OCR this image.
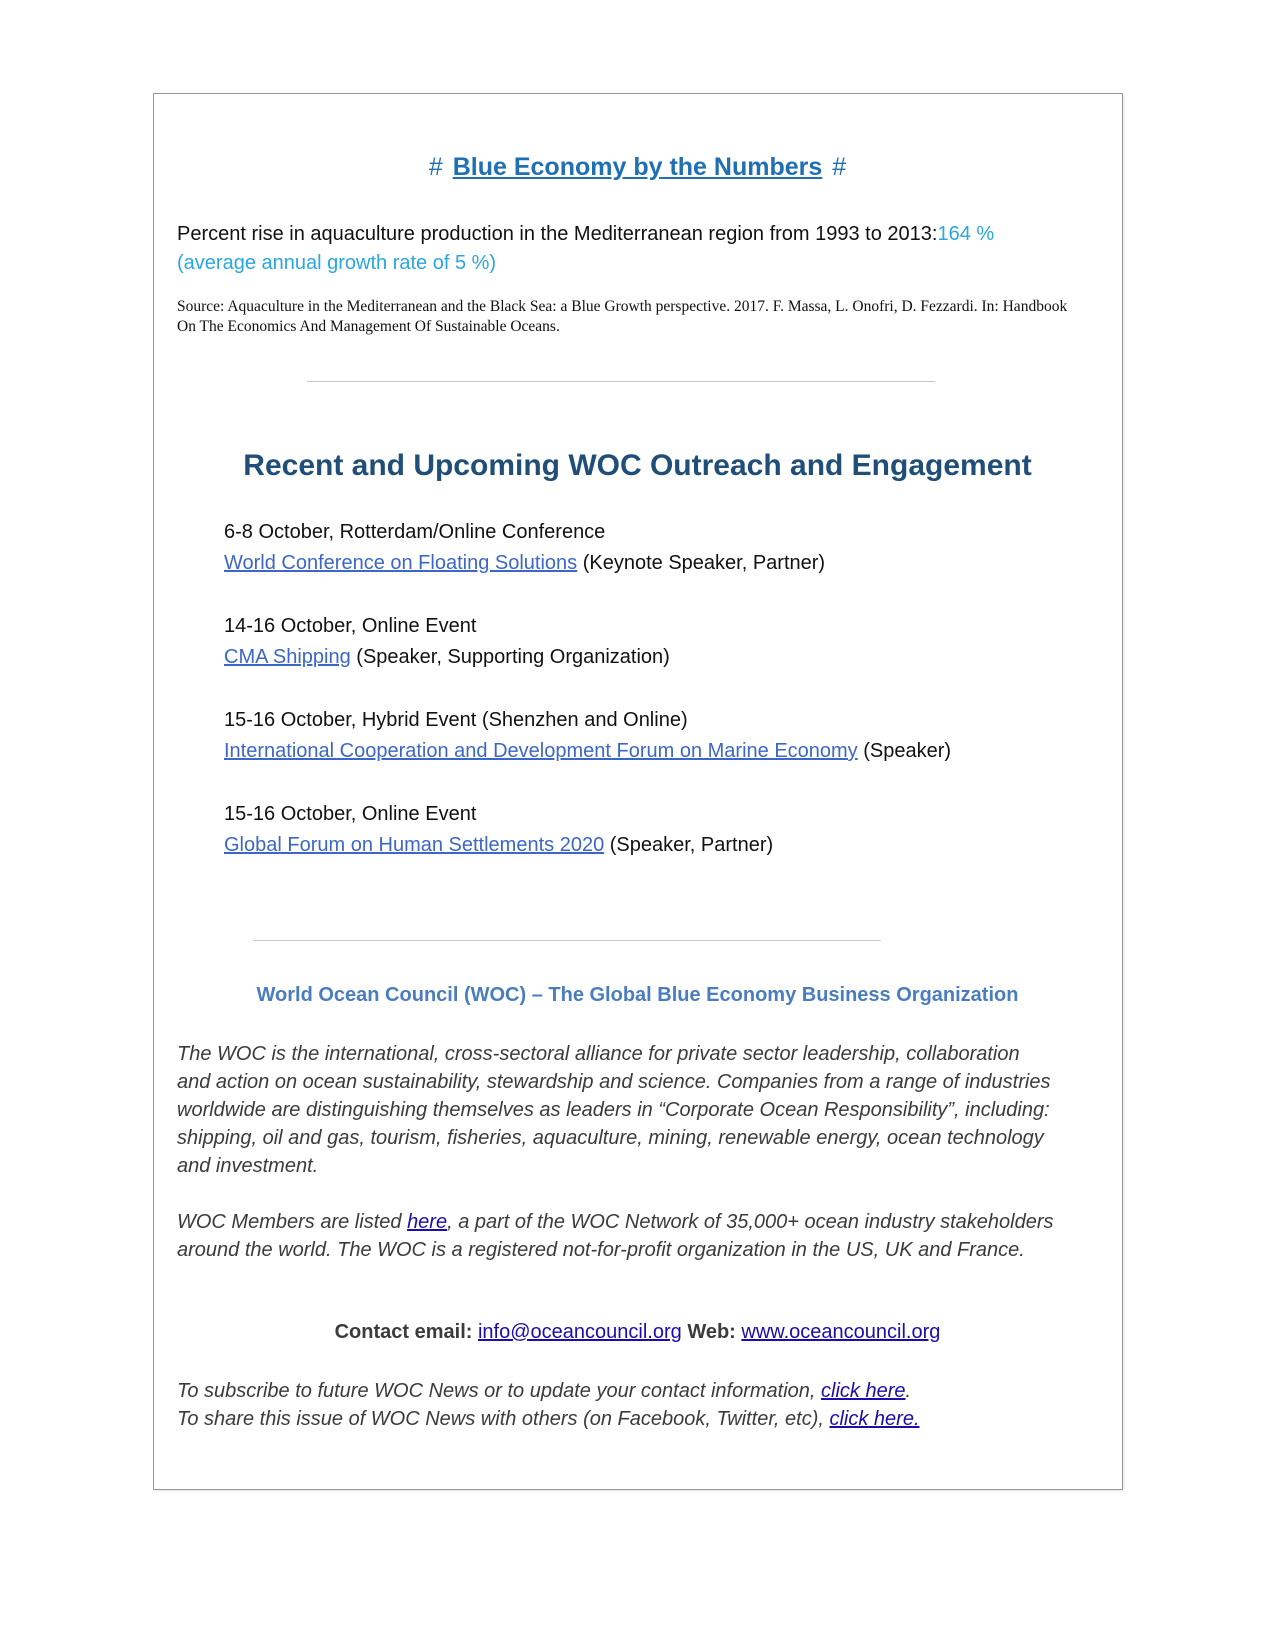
# Blue Economy by the Numbers #
Percent rise in aquaculture production in the Mediterranean region from 1993 to 2013:164 %
(average annual growth rate of 5 %)
Source: Aquaculture in the Mediterranean and the Black Sea: a Blue Growth perspective. 2017. F. Massa, L. Onofri, D. Fezzardi. In: Handbook On The Economics And Management Of Sustainable Oceans.
Recent and Upcoming WOC Outreach and Engagement
6-8 October, Rotterdam/Online Conference
World Conference on Floating Solutions (Keynote Speaker, Partner)
14-16 October, Online Event
CMA Shipping (Speaker, Supporting Organization)
15-16 October, Hybrid Event (Shenzhen and Online)
International Cooperation and Development Forum on Marine Economy (Speaker)
15-16 October, Online Event
Global Forum on Human Settlements 2020 (Speaker, Partner)
World Ocean Council (WOC) – The Global Blue Economy Business Organization
The WOC is the international, cross-sectoral alliance for private sector leadership, collaboration and action on ocean sustainability, stewardship and science. Companies from a range of industries worldwide are distinguishing themselves as leaders in “Corporate Ocean Responsibility”, including: shipping, oil and gas, tourism, fisheries, aquaculture, mining, renewable energy, ocean technology and investment.
WOC Members are listed here, a part of the WOC Network of 35,000+ ocean industry stakeholders around the world. The WOC is a registered not-for-profit organization in the US, UK and France.
Contact email: info@oceancouncil.org Web: www.oceancouncil.org
To subscribe to future WOC News or to update your contact information, click here.
To share this issue of WOC News with others (on Facebook, Twitter, etc), click here.
